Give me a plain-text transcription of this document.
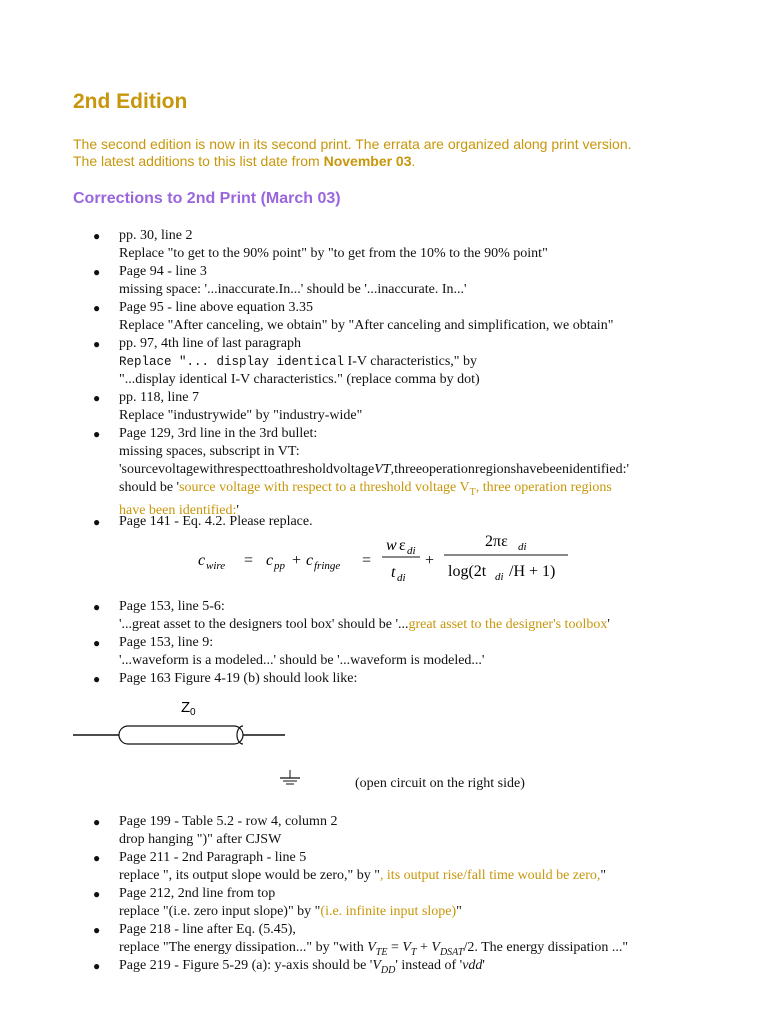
2nd Edition

The second edition is now in its second print. The errata are organized along print version.
The latest additions to this list date from November 03.

Corrections to 2nd Print (March 03)
● pp. 30, line 2
Replace "to get to the 90% point" by "to get from the 10% to the 90% point"
● Page 94 - line 3
missing space: '...inaccurate.In...' should be '...inaccurate. In...'
● Page 95 - line above equation 3.35
Replace "After canceling, we obtain" by "After canceling and simplification, we obtain"
● pp. 97, 4th line of last paragraph
Replace "... display identical I-V characteristics," by
"...display identical I-V characteristics." (replace comma by dot)
● pp. 118, line 7
Replace "industrywide" by "industry-wide"
● Page 129, 3rd line in the 3rd bullet:
missing spaces, subscript in VT:
'sourcevoltagewithrespecttoathresholdvoltageVT,threeoperationregionshavebeenidentified:'
should be 'source voltage with respect to a threshold voltage $V_T$, three operation regions
have been identified:'
● Page 141 - Eq. 4.2. Please replace.
c wire = c pp + c fringe =
w ε di
t di
+
2πε di
log(2t di /H + 1)
● Page 153, line 5-6:
'...great asset to the designers tool box' should be '...great asset to the designer's toolbox'
● Page 153, line 9:
'...waveform is a modeled...' should be '...waveform is modeled...'
● Page 163 Figure 4-19 (b) should look like:
Z 0
(open circuit on the right side)
● Page 199 - Table 5.2 - row 4, column 2
drop hanging ")" after CJSW
● Page 211 - 2nd Paragraph - line 5
replace ", its output slope would be zero," by ", its output rise/fall time would be zero,"
● Page 212, 2nd line from top
replace "(i.e. zero input slope)" by "(i.e. infinite input slope)"
● Page 218 - line after Eq. (5.45),
replace "The energy dissipation..." by "with $V_{TE} = V_T + V_{DSAT}/2$. The energy dissipation ..."
● Page 219 - Figure 5-29 (a): y-axis should be '$V_{DD}$' instead of 'vdd'
